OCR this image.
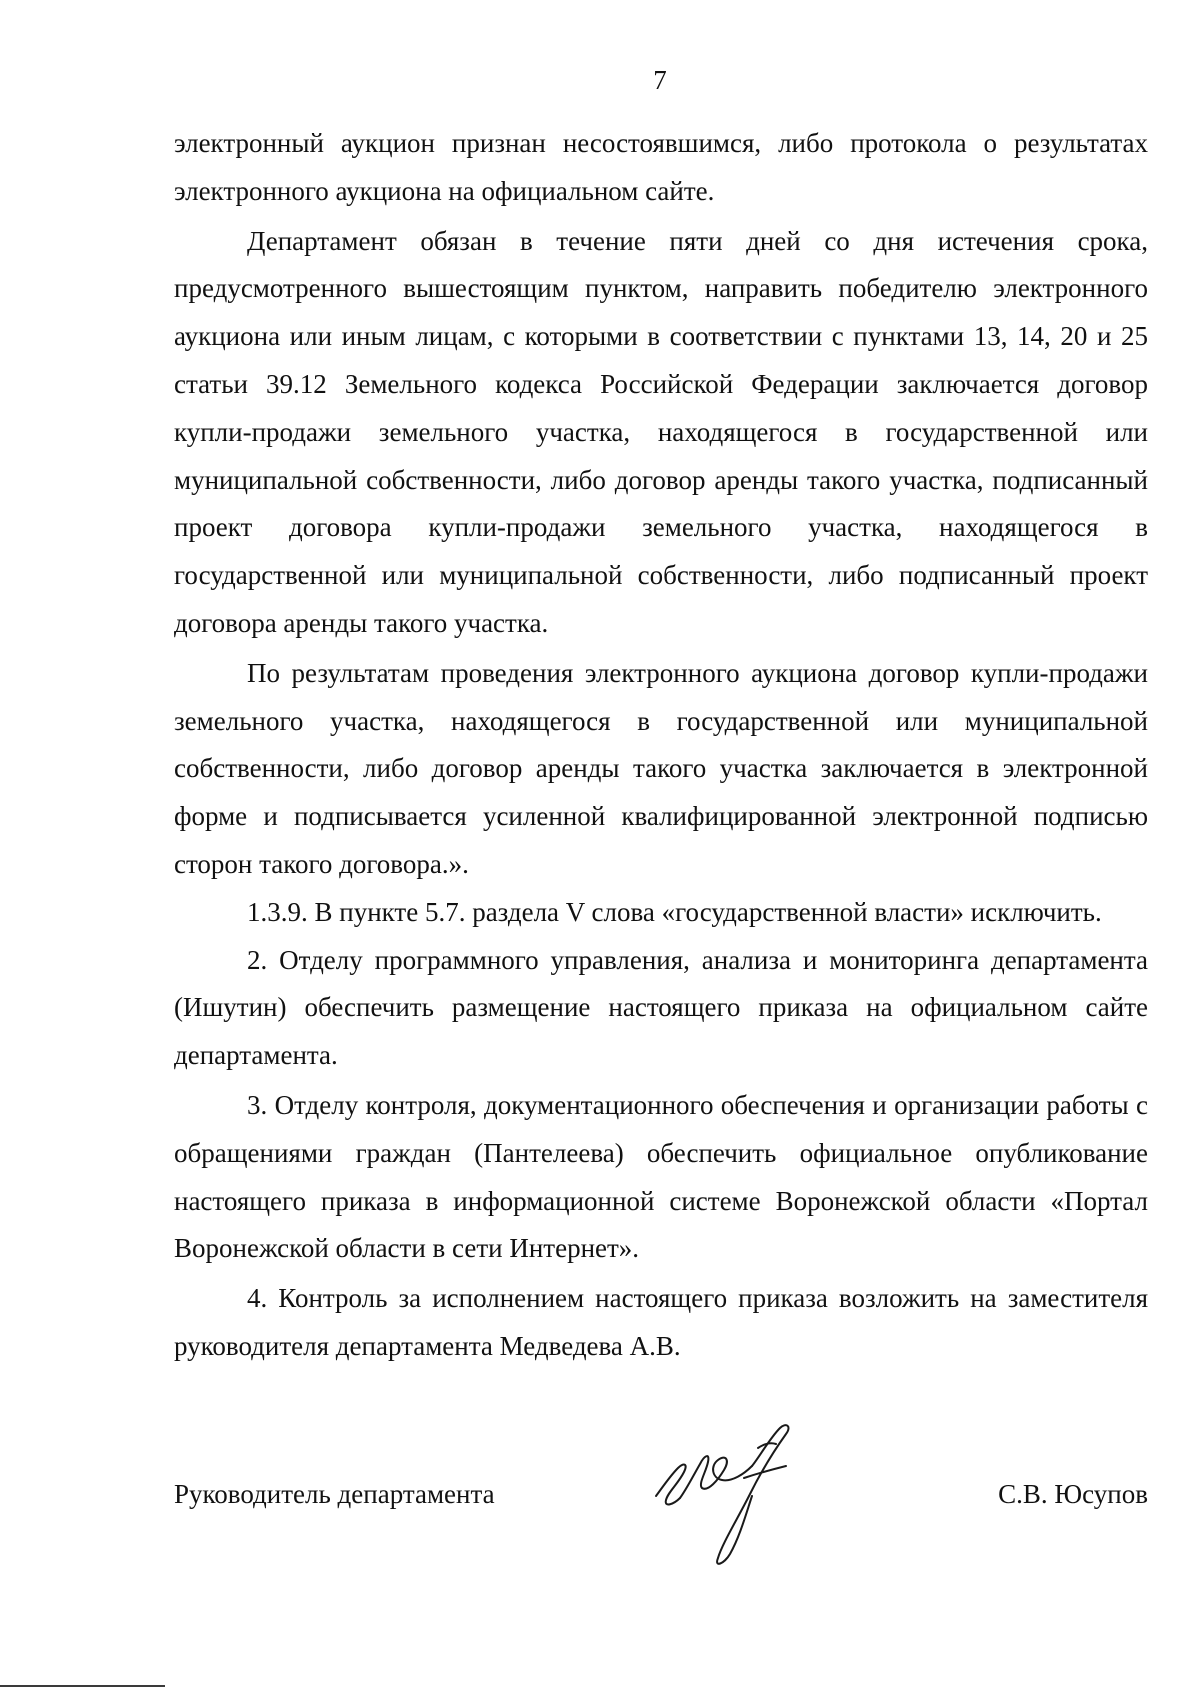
7

электронный аукцион признан несостоявшимся, либо протокола о результатах электронного аукциона на официальном сайте.

Департамент обязан в течение пяти дней со дня истечения срока, предусмотренного вышестоящим пунктом, направить победителю электронного аукциона или иным лицам, с которыми в соответствии с пунктами 13, 14, 20 и 25 статьи 39.12 Земельного кодекса Российской Федерации заключается договор купли-продажи земельного участка, находящегося в государственной или муниципальной собственности, либо договор аренды такого участка, подписанный проект договора купли-продажи земельного участка, находящегося в государственной или муниципальной собственности, либо подписанный проект договора аренды такого участка.

По результатам проведения электронного аукциона договор купли-продажи земельного участка, находящегося в государственной или муниципальной собственности, либо договор аренды такого участка заключается в электронной форме и подписывается усиленной квалифицированной электронной подписью сторон такого договора.».

1.3.9. В пункте 5.7. раздела V слова «государственной власти» исключить.

2. Отделу программного управления, анализа и мониторинга департамента (Ишутин) обеспечить размещение настоящего приказа на официальном сайте департамента.

3. Отделу контроля, документационного обеспечения и организации работы с обращениями граждан (Пантелеева) обеспечить официальное опубликование настоящего приказа в информационной системе Воронежской области «Портал Воронежской области в сети Интернет».

4. Контроль за исполнением настоящего приказа возложить на заместителя руководителя департамента Медведева А.В.

Руководитель департамента	С.В. Юсупов
